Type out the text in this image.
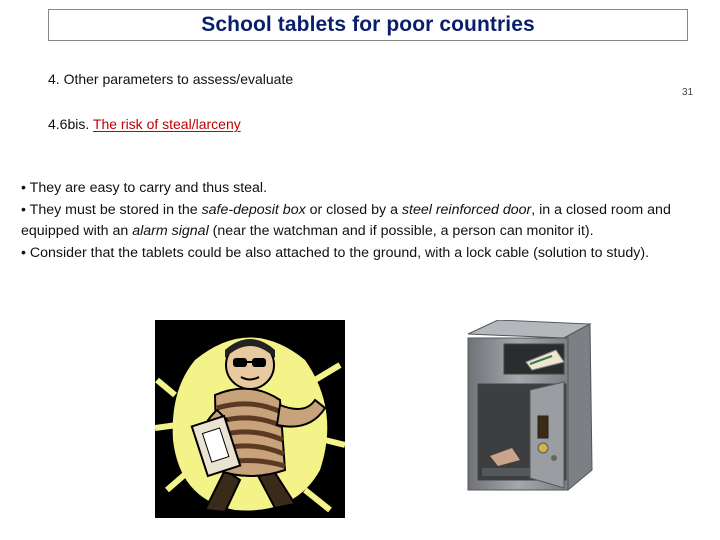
School tablets for poor countries
4. Other parameters to assess/evaluate
31
4.6bis. The risk of steal/larceny

• They are easy to carry and thus steal.

• They must be stored in the safe-deposit box or closed by a steel reinforced door, in a closed room and equipped with an alarm signal (near the watchman and if possible, a person can monitor it).

• Consider that the tablets could be also attached to the ground, with a lock cable (solution to study).
